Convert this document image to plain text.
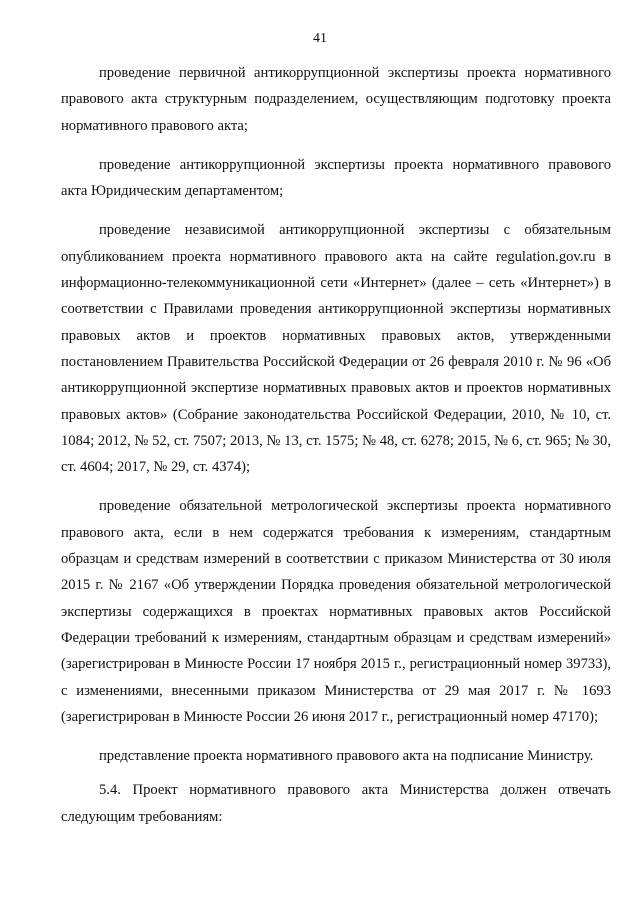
41

проведение первичной антикоррупционной экспертизы проекта нормативного правового акта структурным подразделением, осуществляющим подготовку проекта нормативного правового акта;

проведение антикоррупционной экспертизы проекта нормативного правового акта Юридическим департаментом;

проведение независимой антикоррупционной экспертизы с обязательным опубликованием проекта нормативного правового акта на сайте regulation.gov.ru в информационно-телекоммуникационной сети «Интернет» (далее – сеть «Интернет») в соответствии с Правилами проведения антикоррупционной экспертизы нормативных правовых актов и проектов нормативных правовых актов, утвержденными постановлением Правительства Российской Федерации от 26 февраля 2010 г. № 96 «Об антикоррупционной экспертизе нормативных правовых актов и проектов нормативных правовых актов» (Собрание законодательства Российской Федерации, 2010, № 10, ст. 1084; 2012, № 52, ст. 7507; 2013, № 13, ст. 1575; № 48, ст. 6278; 2015, № 6, ст. 965; № 30, ст. 4604; 2017, № 29, ст. 4374);

проведение обязательной метрологической экспертизы проекта нормативного правового акта, если в нем содержатся требования к измерениям, стандартным образцам и средствам измерений в соответствии с приказом Министерства от 30 июля 2015 г. № 2167 «Об утверждении Порядка проведения обязательной метрологической экспертизы содержащихся в проектах нормативных правовых актов Российской Федерации требований к измерениям, стандартным образцам и средствам измерений» (зарегистрирован в Минюсте России 17 ноября 2015 г., регистрационный номер 39733), с изменениями, внесенными приказом Министерства от 29 мая 2017 г. № 1693 (зарегистрирован в Минюсте России 26 июня 2017 г., регистрационный номер 47170);

представление проекта нормативного правового акта на подписание Министру.

5.4. Проект нормативного правового акта Министерства должен отвечать следующим требованиям:
